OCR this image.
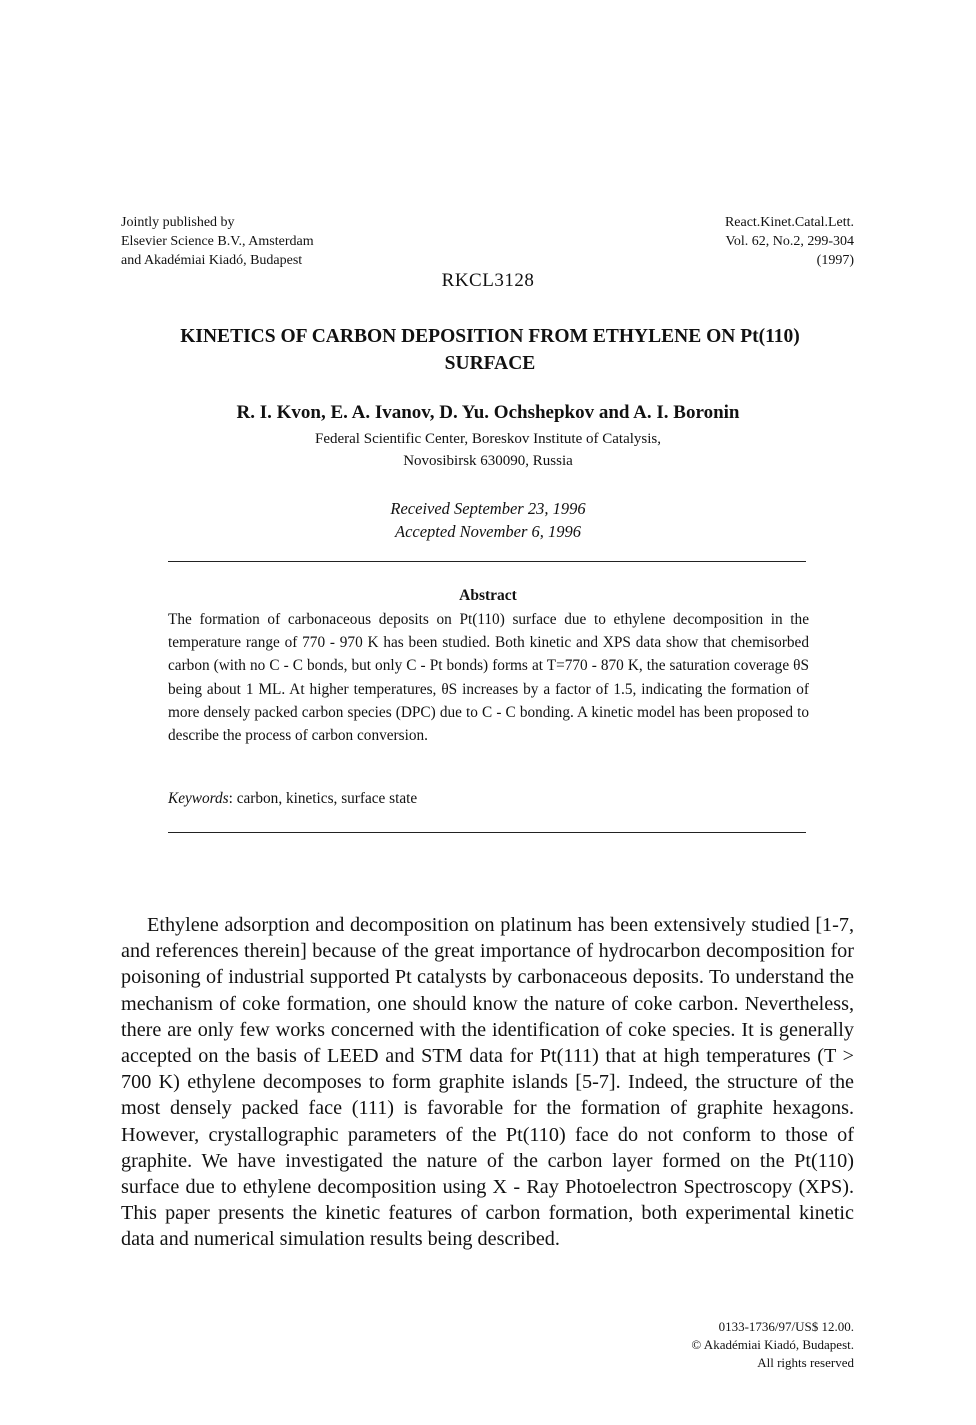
Jointly published by
Elsevier Science B.V., Amsterdam
and Akadémiai Kiadó, Budapest
React.Kinet.Catal.Lett.
Vol. 62, No.2, 299-304
(1997)
RKCL3128
KINETICS OF CARBON DEPOSITION FROM ETHYLENE ON Pt(110)
SURFACE
R. I. Kvon, E. A. Ivanov, D. Yu. Ochshepkov and A. I. Boronin
Federal Scientific Center, Boreskov Institute of Catalysis,
Novosibirsk 630090, Russia
Received September 23, 1996
Accepted November 6, 1996
Abstract
The formation of carbonaceous deposits on Pt(110) surface due to ethylene decomposition in the temperature range of 770 - 970 K has been studied. Both kinetic and XPS data show that chemisorbed carbon (with no C - C bonds, but only C - Pt bonds) forms at T=770 - 870 K, the saturation coverage θS being about 1 ML. At higher temperatures, θS increases by a factor of 1.5, indicating the formation of more densely packed carbon species (DPC) due to C - C bonding. A kinetic model has been proposed to describe the process of carbon conversion.
Keywords: carbon, kinetics, surface state
Ethylene adsorption and decomposition on platinum has been extensively studied [1-7, and references therein] because of the great importance of hydrocarbon decomposition for poisoning of industrial supported Pt catalysts by carbonaceous deposits. To understand the mechanism of coke formation, one should know the nature of coke carbon. Nevertheless, there are only few works concerned with the identification of coke species. It is generally accepted on the basis of LEED and STM data for Pt(111) that at high temperatures (T > 700 K) ethylene decomposes to form graphite islands [5-7]. Indeed, the structure of the most densely packed face (111) is favorable for the formation of graphite hexagons. However, crystallographic parameters of the Pt(110) face do not conform to those of graphite. We have investigated the nature of the carbon layer formed on the Pt(110) surface due to ethylene decomposition using X - Ray Photoelectron Spectroscopy (XPS). This paper presents the kinetic features of carbon formation, both experimental kinetic data and numerical simulation results being described.
0133-1736/97/US$ 12.00.
© Akadémiai Kiadó, Budapest.
All rights reserved
